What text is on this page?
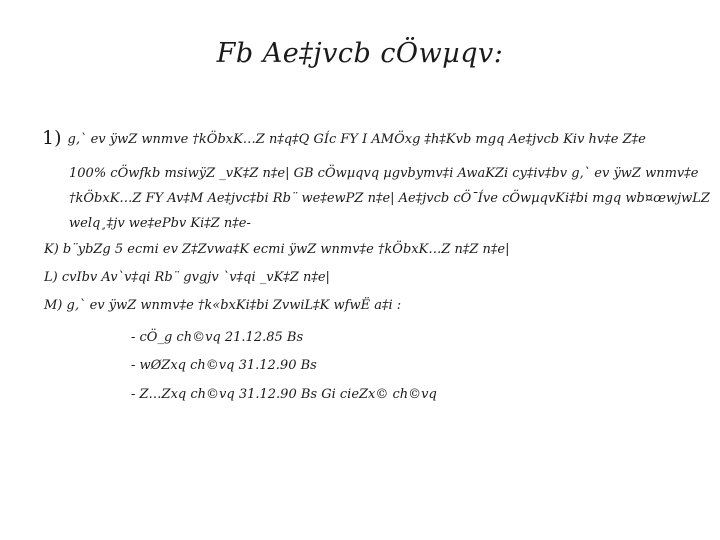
Fb Ae‡jvcb cÖwµqv:
1) g‚` ev ÿwZ wnmve †kÖbxK…Z n‡q‡Q GÍc FY I AMÖxg ‡h‡Kvb mgq Ae‡jvcb Kiv hv‡e Z‡e
100% cÖwfkb msiwÿZ _vK‡Z n‡e| GB cÖwµqvq µgvbymv‡i AwaKZi cy‡iv‡bv g‚` ev ÿwZ wnmv‡e
†kÖbxK…Z FY Av‡M Ae‡jvc‡bi Rb¨ we‡ewPZ n‡e| Ae‡jvcb cÖ¯Íve cÖwµqvKi‡bi mgq wb¤œwjwLZ
welq¸‡jv we‡ePbv Ki‡Z n‡e-
K) b¨ybZg 5 ecmi ev Z‡Zvwa‡K ecmi ÿwZ wnmv‡e †kÖbxK…Z n‡Z n‡e|
L) cvIbv Av`v‡qi Rb¨ gvgjv `v‡qi _vK‡Z n‡e|
M) g‚` ev ÿwZ wnmv‡e †k«bxKi‡bi ZvwiL‡K wfwË a‡i :
- cÖ_g ch©vq 21.12.85 Bs
- wØZxq ch©vq 31.12.90 Bs
- Z…Zxq ch©vq 31.12.90 Bs Gi cieZx© ch©vq
